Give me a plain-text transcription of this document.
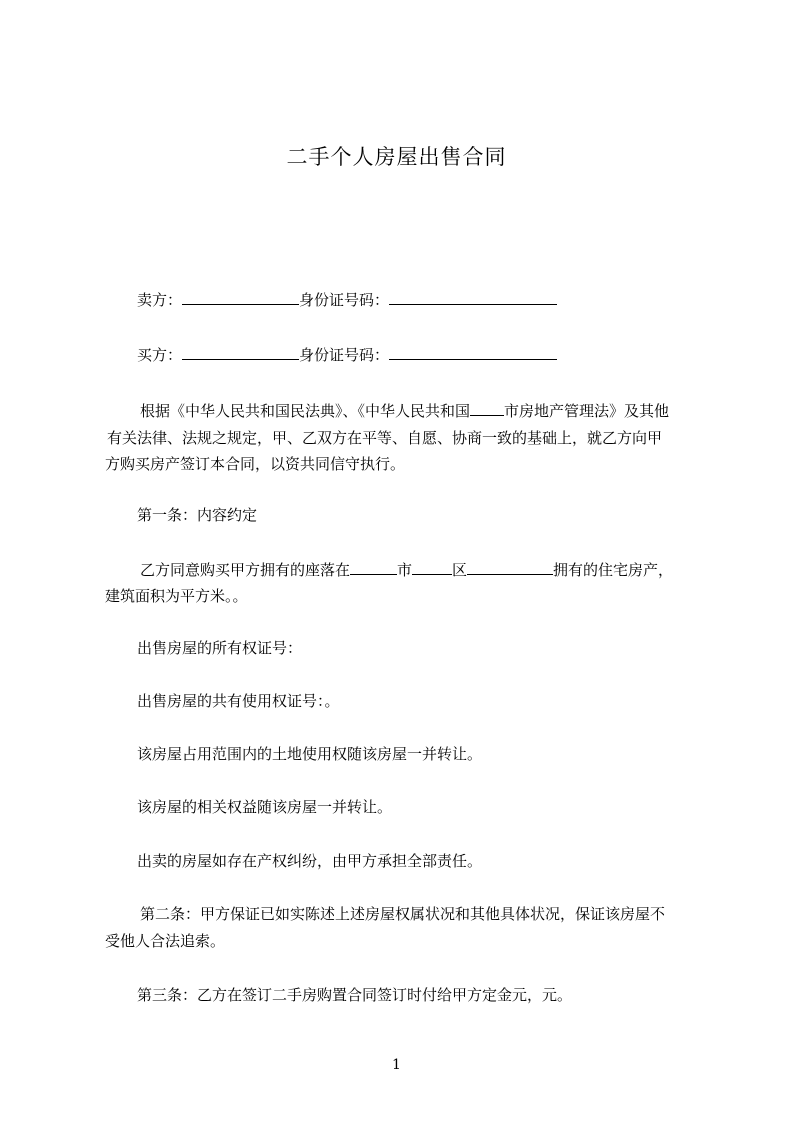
二手个人房屋出售合同
卖方：	身份证号码：
买方：	身份证号码：
根据《中华人民共和国民法典》、《中华人民共和国 市房地产管理法》及其他
有关法律、法规之规定，甲、乙双方在平等、自愿、协商一致的基础上，就乙方向甲
方购买房产签订本合同，以资共同信守执行。
第一条：内容约定
乙方同意购买甲方拥有的座落在	市	区	拥有的住宅房产，
建筑面积为平方米。。
出售房屋的所有权证号：
出售房屋的共有使用权证号：。
该房屋占用范围内的土地使用权随该房屋一并转让。
该房屋的相关权益随该房屋一并转让。
出卖的房屋如存在产权纠纷，由甲方承担全部责任。
第二条：甲方保证已如实陈述上述房屋权属状况和其他具体状况，保证该房屋不
受他人合法追索。
第三条：乙方在签订二手房购置合同签订时付给甲方定金元，元。
1
